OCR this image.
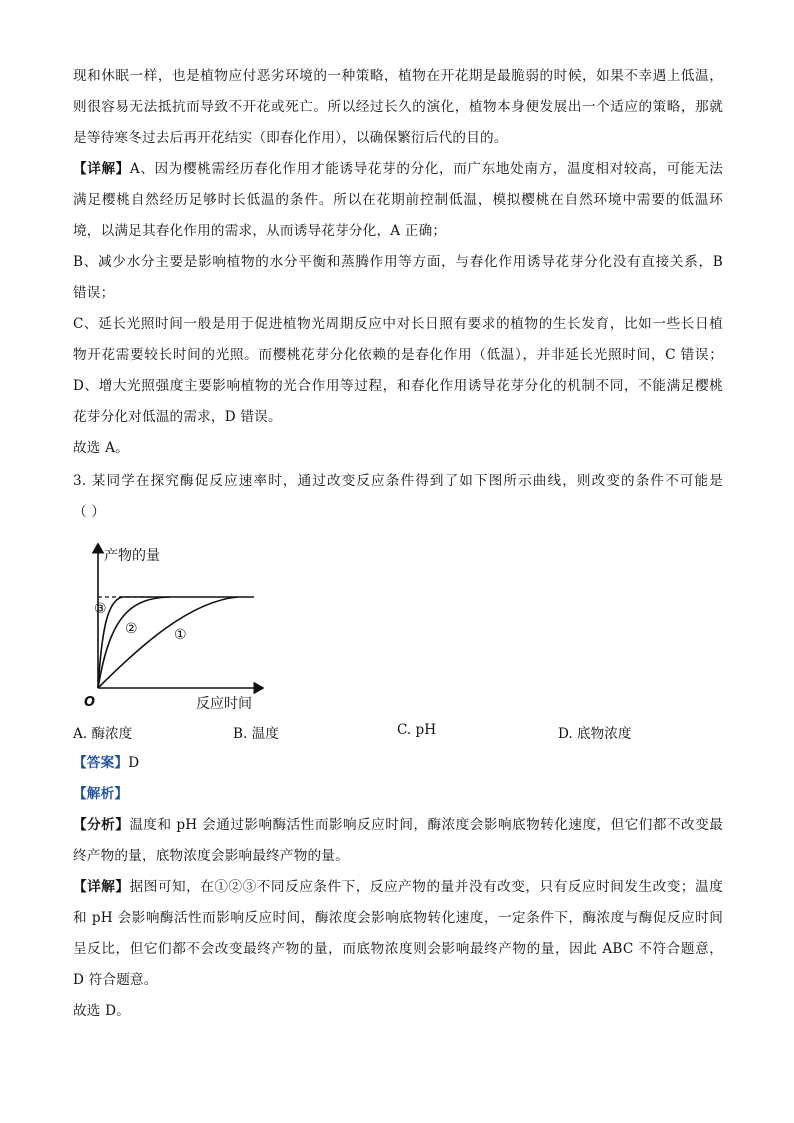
现和休眠一样，也是植物应付恶劣环境的一种策略，植物在开花期是最脆弱的时候，如果不幸遇上低温，
则很容易无法抵抗而导致不开花或死亡。所以经过长久的演化，植物本身便发展出一个适应的策略，那就
是等待寒冬过去后再开花结实（即春化作用），以确保繁衍后代的目的。
【详解】A、因为樱桃需经历春化作用才能诱导花芽的分化，而广东地处南方，温度相对较高，可能无法
满足樱桃自然经历足够时长低温的条件。所以在花期前控制低温，模拟樱桃在自然环境中需要的低温环
境，以满足其春化作用的需求，从而诱导花芽分化，A 正确；
B、减少水分主要是影响植物的水分平衡和蒸腾作用等方面，与春化作用诱导花芽分化没有直接关系，B
错误；
C、延长光照时间一般是用于促进植物光周期反应中对长日照有要求的植物的生长发育，比如一些长日植
物开花需要较长时间的光照。而樱桃花芽分化依赖的是春化作用（低温），并非延长光照时间，C 错误；
D、增大光照强度主要影响植物的光合作用等过程，和春化作用诱导花芽分化的机制不同，不能满足樱桃
花芽分化对低温的需求，D 错误。
故选 A。
3. 某同学在探究酶促反应速率时，通过改变反应条件得到了如下图所示曲线，则改变的条件不可能是
（ ）
产物的量
反应时间
O
③
②	①
A. 酶浓度	B. 温度	C. pH	D. 底物浓度
【答案】D
【解析】
【分析】温度和 pH 会通过影响酶活性而影响反应时间，酶浓度会影响底物转化速度，但它们都不改变最
终产物的量，底物浓度会影响最终产物的量。
【详解】据图可知，在①②③不同反应条件下，反应产物的量并没有改变，只有反应时间发生改变；温度
和 pH 会影响酶活性而影响反应时间，酶浓度会影响底物转化速度，一定条件下，酶浓度与酶促反应时间
呈反比，但它们都不会改变最终产物的量，而底物浓度则会影响最终产物的量，因此 ABC 不符合题意，
D 符合题意。
故选 D。
